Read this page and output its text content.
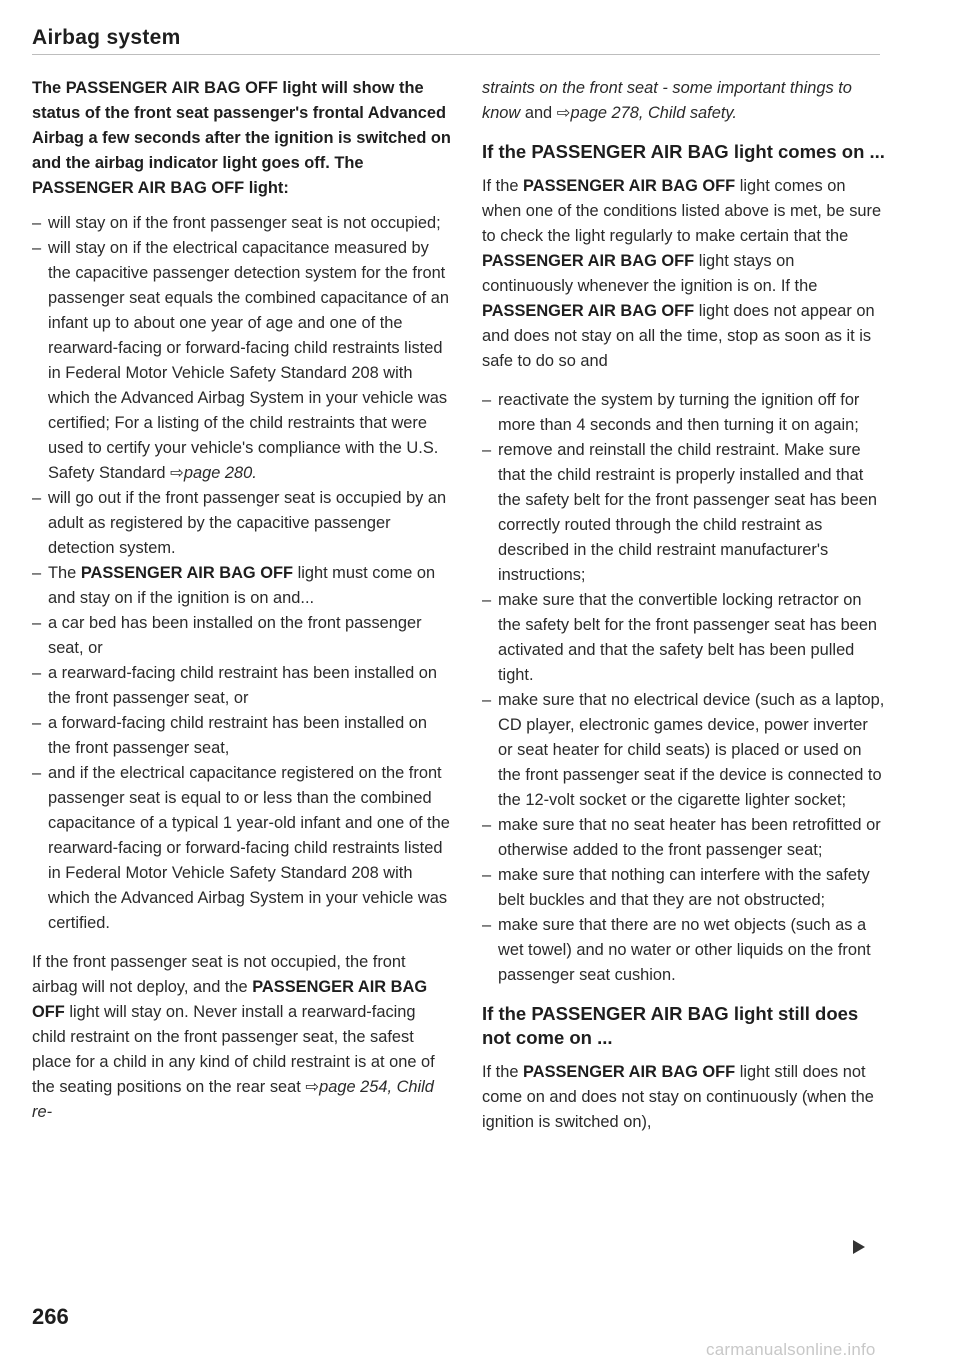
Airbag system

The PASSENGER AIR BAG OFF light will show the status of the front seat passenger's frontal Advanced Airbag a few seconds after the ignition is switched on and the airbag indicator light goes off. The PASSENGER AIR BAG OFF light:

– will stay on if the front passenger seat is not occupied;
– will stay on if the electrical capacitance measured by the capacitive passenger detection system for the front passenger seat equals the combined capacitance of an infant up to about one year of age and one of the rearward-facing or forward-facing child restraints listed in Federal Motor Vehicle Safety Standard 208 with which the Advanced Airbag System in your vehicle was certified; For a listing of the child restraints that were used to certify your vehicle's compliance with the U.S. Safety Standard ⇨page 280.
– will go out if the front passenger seat is occupied by an adult as registered by the capacitive passenger detection system.
– The PASSENGER AIR BAG OFF light must come on and stay on if the ignition is on and...
– a car bed has been installed on the front passenger seat, or
– a rearward-facing child restraint has been installed on the front passenger seat, or
– a forward-facing child restraint has been installed on the front passenger seat,
– and if the electrical capacitance registered on the front passenger seat is equal to or less than the combined capacitance of a typical 1 year-old infant and one of the rearward-facing or forward-facing child restraints listed in Federal Motor Vehicle Safety Standard 208 with which the Advanced Airbag System in your vehicle was certified.

If the front passenger seat is not occupied, the front airbag will not deploy, and the PASSENGER AIR BAG OFF light will stay on. Never install a rearward-facing child restraint on the front passenger seat, the safest place for a child in any kind of child restraint is at one of the seating positions on the rear seat ⇨page 254, Child re-

straints on the front seat - some important things to know and ⇨page 278, Child safety.

If the PASSENGER AIR BAG light comes on ...

If the PASSENGER AIR BAG OFF light comes on when one of the conditions listed above is met, be sure to check the light regularly to make certain that the PASSENGER AIR BAG OFF light stays on continuously whenever the ignition is on. If the PASSENGER AIR BAG OFF light does not appear on and does not stay on all the time, stop as soon as it is safe to do so and

– reactivate the system by turning the ignition off for more than 4 seconds and then turning it on again;
– remove and reinstall the child restraint. Make sure that the child restraint is properly installed and that the safety belt for the front passenger seat has been correctly routed through the child restraint as described in the child restraint manufacturer's instructions;
– make sure that the convertible locking retractor on the safety belt for the front passenger seat has been activated and that the safety belt has been pulled tight.
– make sure that no electrical device (such as a laptop, CD player, electronic games device, power inverter or seat heater for child seats) is placed or used on the front passenger seat if the device is connected to the 12-volt socket or the cigarette lighter socket;
– make sure that no seat heater has been retrofitted or otherwise added to the front passenger seat;
– make sure that nothing can interfere with the safety belt buckles and that they are not obstructed;
– make sure that there are no wet objects (such as a wet towel) and no water or other liquids on the front passenger seat cushion.
If the PASSENGER AIR BAG light still does not come on ...

If the PASSENGER AIR BAG OFF light still does not come on and does not stay on continuously (when the ignition is switched on),

266
carmanualsonline.info
